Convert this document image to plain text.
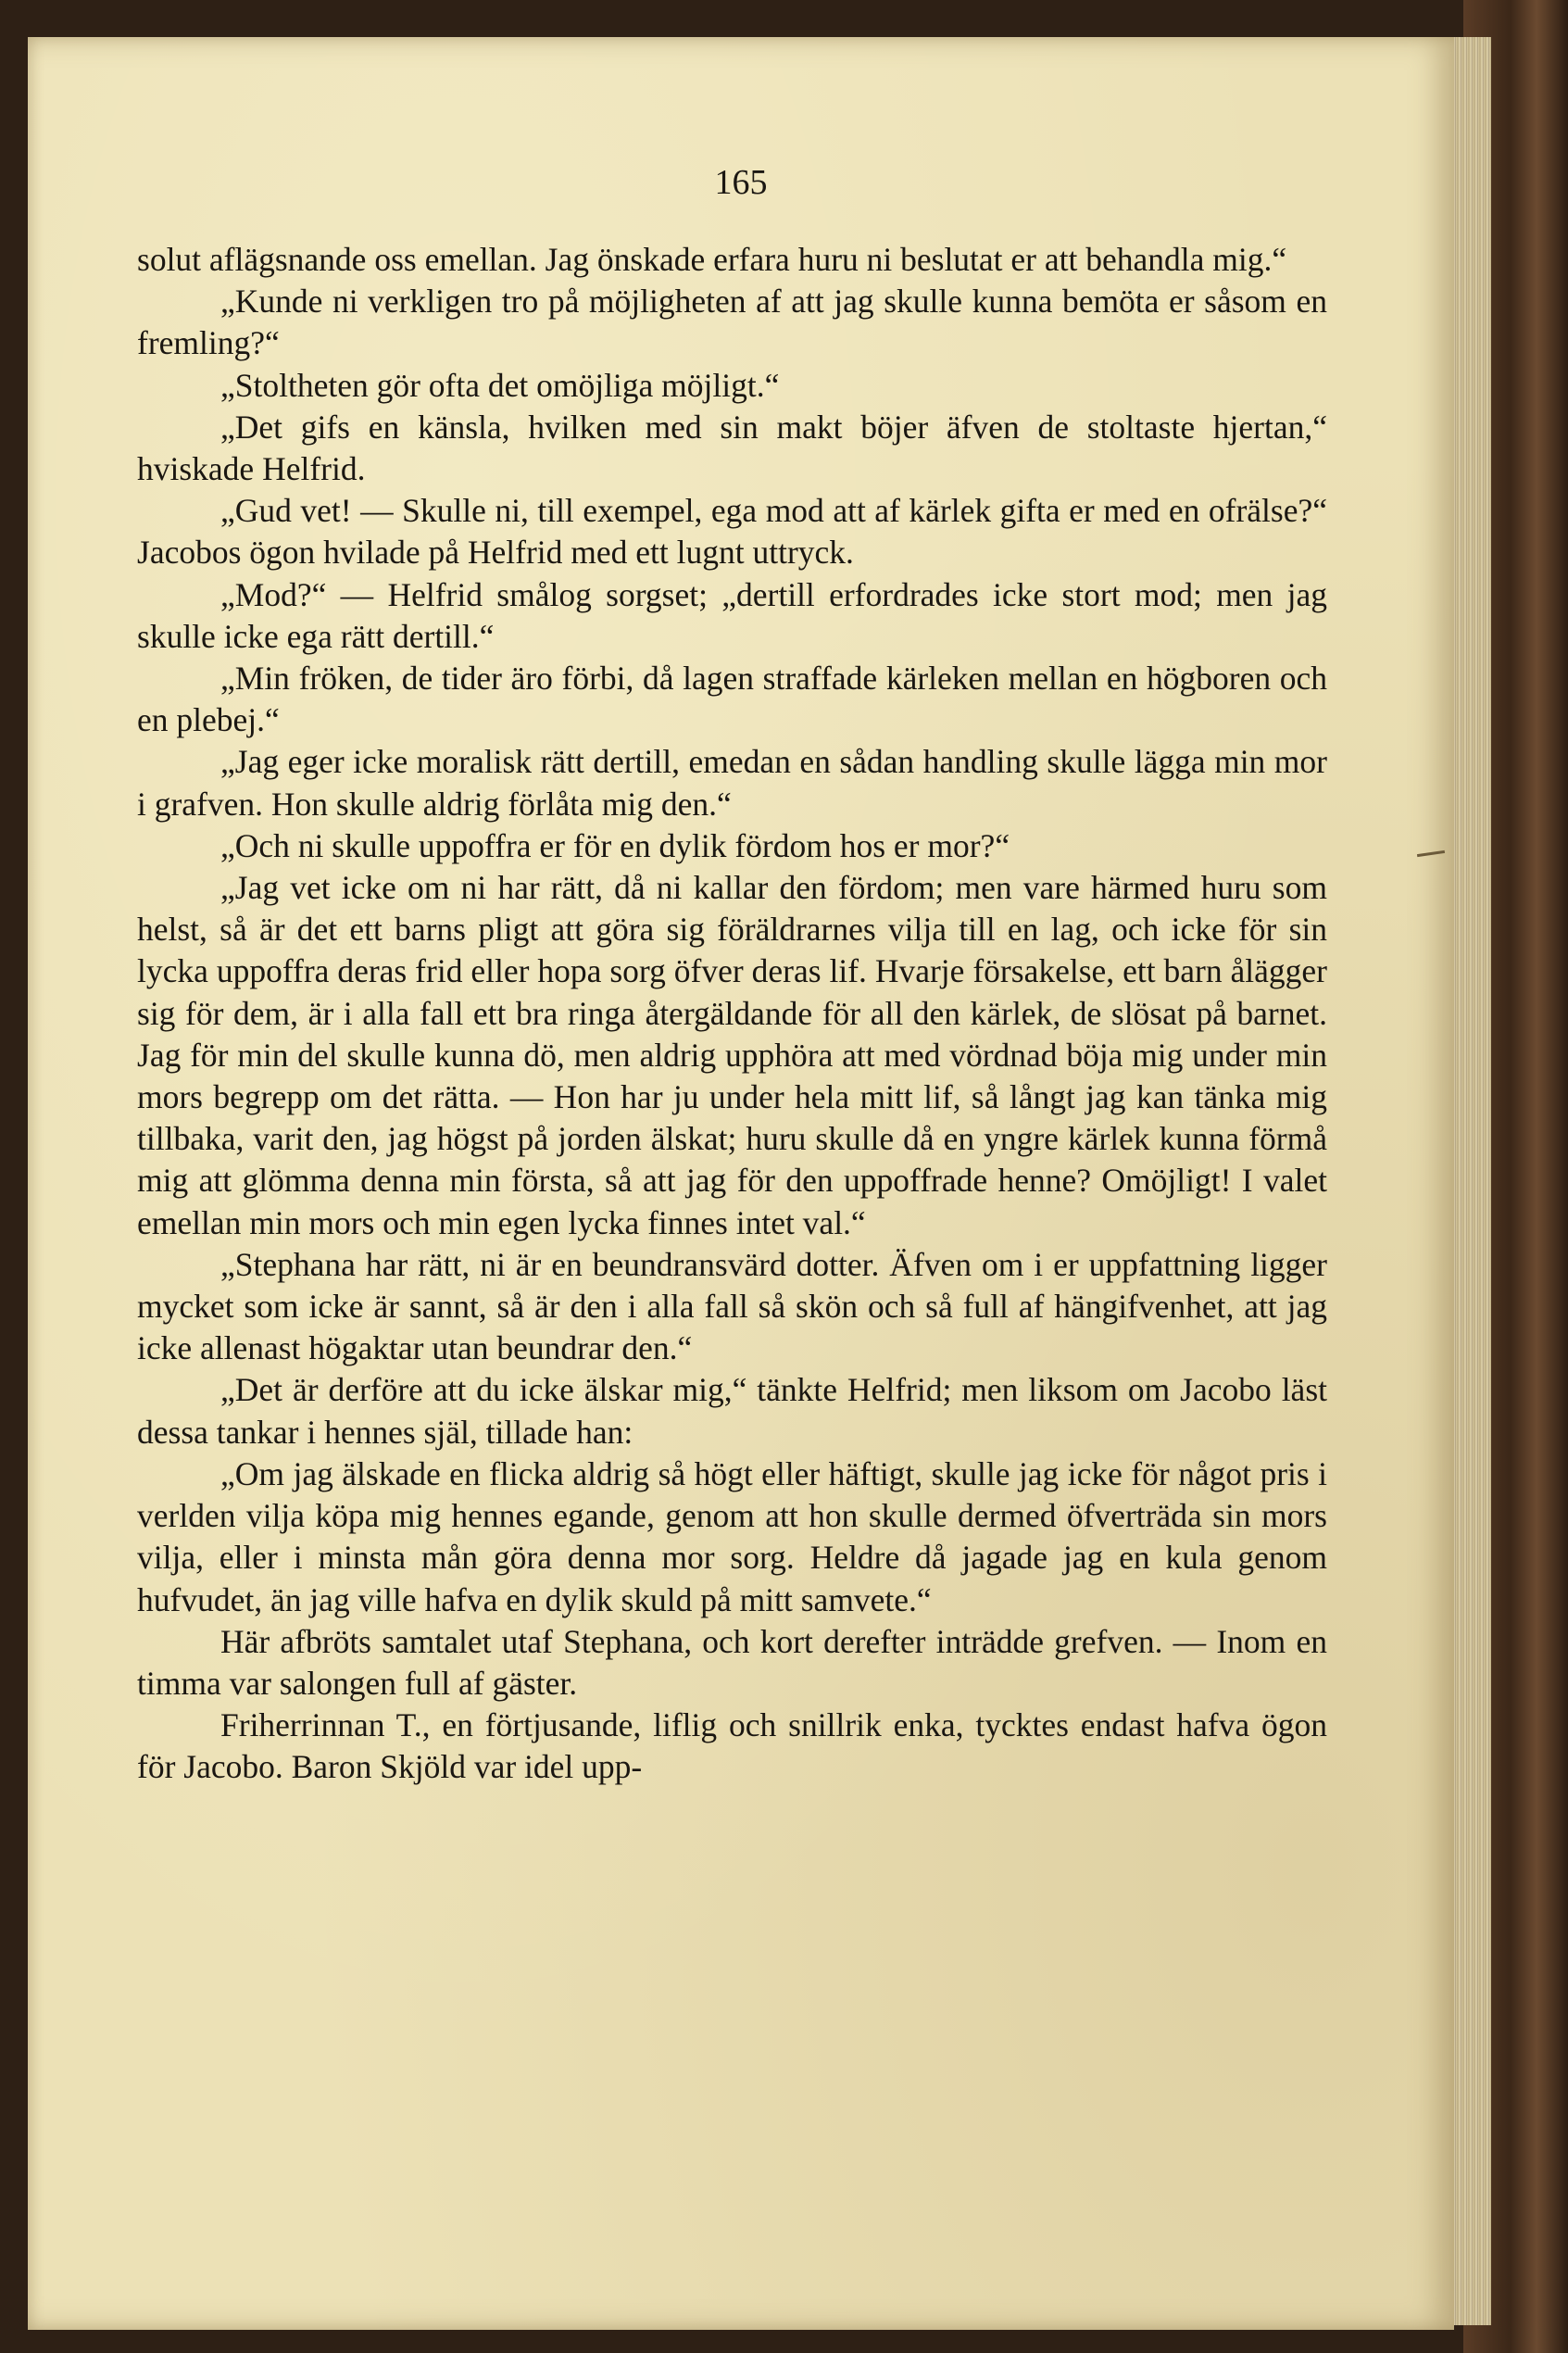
165

solut aflägsnande oss emellan. Jag önskade erfara huru ni beslutat er att behandla mig.“

„Kunde ni verkligen tro på möjligheten af att jag skulle kunna bemöta er såsom en fremling?“

„Stoltheten gör ofta det omöjliga möjligt.“

„Det gifs en känsla, hvilken med sin makt böjer äfven de stoltaste hjertan,“ hviskade Helfrid.

„Gud vet! — Skulle ni, till exempel, ega mod att af kärlek gifta er med en ofrälse?“ Jacobos ögon hvilade på Helfrid med ett lugnt uttryck.

„Mod?“ — Helfrid smålog sorgset; „dertill erfordrades icke stort mod; men jag skulle icke ega rätt dertill.“

„Min fröken, de tider äro förbi, då lagen straffade kärleken mellan en högboren och en plebej.“

„Jag eger icke moralisk rätt dertill, emedan en sådan handling skulle lägga min mor i grafven. Hon skulle aldrig förlåta mig den.“

„Och ni skulle uppoffra er för en dylik fördom hos er mor?“

„Jag vet icke om ni har rätt, då ni kallar den fördom; men vare härmed huru som helst, så är det ett barns pligt att göra sig föräldrarnes vilja till en lag, och icke för sin lycka uppoffra deras frid eller hopa sorg öfver deras lif. Hvarje försakelse, ett barn ålägger sig för dem, är i alla fall ett bra ringa återgäldande för all den kärlek, de slösat på barnet. Jag för min del skulle kunna dö, men aldrig upphöra att med vördnad böja mig under min mors begrepp om det rätta. — Hon har ju under hela mitt lif, så långt jag kan tänka mig tillbaka, varit den, jag högst på jorden älskat; huru skulle då en yngre kärlek kunna förmå mig att glömma denna min första, så att jag för den uppoffrade henne? Omöjligt! I valet emellan min mors och min egen lycka finnes intet val.“

„Stephana har rätt, ni är en beundransvärd dotter. Äfven om i er uppfattning ligger mycket som icke är sannt, så är den i alla fall så skön och så full af hängifvenhet, att jag icke allenast högaktar utan beundrar den.“

„Det är derföre att du icke älskar mig,“ tänkte Helfrid; men liksom om Jacobo läst dessa tankar i hennes själ, tillade han:

„Om jag älskade en flicka aldrig så högt eller häftigt, skulle jag icke för något pris i verlden vilja köpa mig hennes egande, genom att hon skulle dermed öfverträda sin mors vilja, eller i minsta mån göra denna mor sorg. Heldre då jagade jag en kula genom hufvudet, än jag ville hafva en dylik skuld på mitt samvete.“

Här afbröts samtalet utaf Stephana, och kort derefter inträdde grefven. — Inom en timma var salongen full af gäster.

Friherrinnan T., en förtjusande, liflig och snillrik enka, tycktes endast hafva ögon för Jacobo. Baron Skjöld var idel upp-
